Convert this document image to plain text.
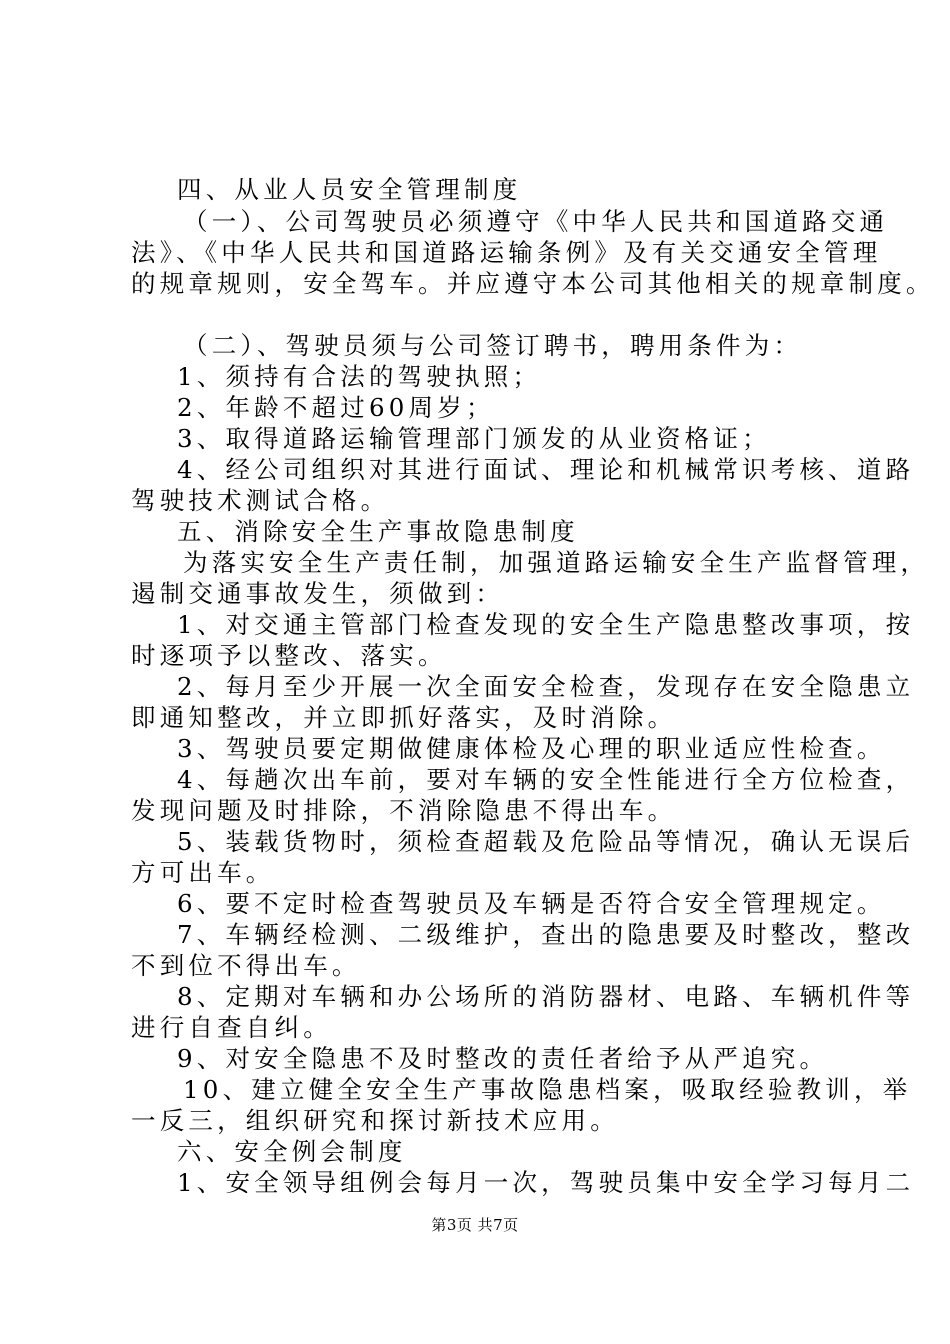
四、从业人员安全管理制度
（一）、公司驾驶员必须遵守《中华人民共和国道路交通
法》、《中华人民共和国道路运输条例》及有关交通安全管理
的规章规则，安全驾车。并应遵守本公司其他相关的规章制度。
（二）、驾驶员须与公司签订聘书，聘用条件为：
1、须持有合法的驾驶执照；
2、年龄不超过60周岁；
3、取得道路运输管理部门颁发的从业资格证；
4、经公司组织对其进行面试、理论和机械常识考核、道路
驾驶技术测试合格。
五、消除安全生产事故隐患制度
为落实安全生产责任制，加强道路运输安全生产监督管理，
遏制交通事故发生，须做到：
1、对交通主管部门检查发现的安全生产隐患整改事项，按
时逐项予以整改、落实。
2、每月至少开展一次全面安全检查，发现存在安全隐患立
即通知整改，并立即抓好落实，及时消除。
3、驾驶员要定期做健康体检及心理的职业适应性检查。
4、每趟次出车前，要对车辆的安全性能进行全方位检查，
发现问题及时排除，不消除隐患不得出车。
5、装载货物时，须检查超载及危险品等情况，确认无误后
方可出车。
6、要不定时检查驾驶员及车辆是否符合安全管理规定。
7、车辆经检测、二级维护，查出的隐患要及时整改，整改
不到位不得出车。
8、定期对车辆和办公场所的消防器材、电路、车辆机件等
进行自查自纠。
9、对安全隐患不及时整改的责任者给予从严追究。
10、建立健全安全生产事故隐患档案，吸取经验教训，举
一反三，组织研究和探讨新技术应用。
六、安全例会制度
1、安全领导组例会每月一次，驾驶员集中安全学习每月二
第3页 共7页
